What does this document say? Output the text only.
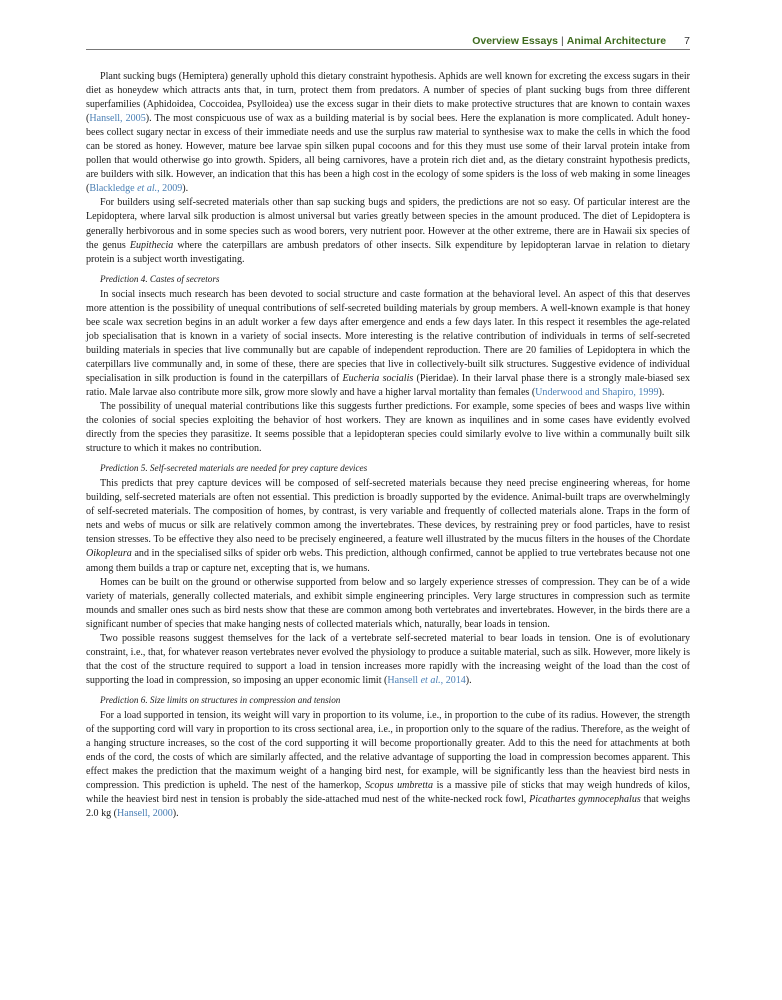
Overview Essays | Animal Architecture 7

Plant sucking bugs (Hemiptera) generally uphold this dietary constraint hypothesis. Aphids are well known for excreting the excess sugars in their diet as honeydew which attracts ants that, in turn, protect them from predators. A number of species of plant sucking bugs from three different superfamilies (Aphidoidea, Coccoidea, Psylloidea) use the excess sugar in their diets to make protective structures that are known to contain waxes (Hansell, 2005). The most conspicuous use of wax as a building material is by social bees. Here the explanation is more complicated. Adult honey-bees collect sugary nectar in excess of their immediate needs and use the surplus raw material to synthesise wax to make the cells in which the food can be stored as honey. However, mature bee larvae spin silken pupal cocoons and for this they must use some of their larval protein intake from pollen that would otherwise go into growth. Spiders, all being carnivores, have a protein rich diet and, as the dietary constraint hypothesis predicts, are builders with silk. However, an indication that this has been a high cost in the ecology of some spiders is the loss of web making in some lineages (Blackledge et al., 2009).

For builders using self-secreted materials other than sap sucking bugs and spiders, the predictions are not so easy. Of particular interest are the Lepidoptera, where larval silk production is almost universal but varies greatly between species in the amount produced. The diet of Lepidoptera is generally herbivorous and in some species such as wood borers, very nutrient poor. However at the other extreme, there are in Hawaii six species of the genus Eupithecia where the caterpillars are ambush predators of other insects. Silk expenditure by lepidopteran larvae in relation to dietary protein is a subject worth investigating.

Prediction 4. Castes of secretors

In social insects much research has been devoted to social structure and caste formation at the behavioral level. An aspect of this that deserves more attention is the possibility of unequal contributions of self-secreted building materials by group members. A well-known example is that honey bee scale wax secretion begins in an adult worker a few days after emergence and ends a few days later. In this respect it resembles the age-related job specialisation that is known in a variety of social insects. More interesting is the relative contribution of individuals in terms of self-secreted building materials in species that live communally but are capable of independent reproduction. There are 20 families of Lepidoptera in which the caterpillars live communally and, in some of these, there are species that live in collectively-built silk structures. Suggestive evidence of individual specialisation in silk production is found in the caterpillars of Eucheria socialis (Pieridae). In their larval phase there is a strongly male-biased sex ratio. Male larvae also contribute more silk, grow more slowly and have a higher larval mortality than females (Underwood and Shapiro, 1999).

The possibility of unequal material contributions like this suggests further predictions. For example, some species of bees and wasps live within the colonies of social species exploiting the behavior of host workers. They are known as inquilines and in some cases have evidently evolved directly from the species they parasitize. It seems possible that a lepidopteran species could similarly evolve to live within a communally built silk structure to which it makes no contribution.

Prediction 5. Self-secreted materials are needed for prey capture devices

This predicts that prey capture devices will be composed of self-secreted materials because they need precise engineering whereas, for home building, self-secreted materials are often not essential. This prediction is broadly supported by the evidence. Animal-built traps are overwhelmingly of self-secreted materials. The composition of homes, by contrast, is very variable and frequently of collected materials alone. Traps in the form of nets and webs of mucus or silk are relatively common among the invertebrates. These devices, by restraining prey or food particles, have to resist tension stresses. To be effective they also need to be precisely engineered, a feature well illustrated by the mucus filters in the houses of the Chordate Oikopleura and in the specialised silks of spider orb webs. This prediction, although confirmed, cannot be applied to true vertebrates because not one among them builds a trap or capture net, excepting that is, we humans.

Homes can be built on the ground or otherwise supported from below and so largely experience stresses of compression. They can be of a wide variety of materials, generally collected materials, and exhibit simple engineering principles. Very large structures in compression such as termite mounds and smaller ones such as bird nests show that these are common among both vertebrates and invertebrates. However, in the birds there are a significant number of species that make hanging nests of collected materials which, naturally, bear loads in tension.

Two possible reasons suggest themselves for the lack of a vertebrate self-secreted material to bear loads in tension. One is of evolutionary constraint, i.e., that, for whatever reason vertebrates never evolved the physiology to produce a suitable material, such as silk. However, more likely is that the cost of the structure required to support a load in tension increases more rapidly with the increasing weight of the load than the cost of supporting the load in compression, so imposing an upper economic limit (Hansell et al., 2014).

Prediction 6. Size limits on structures in compression and tension

For a load supported in tension, its weight will vary in proportion to its volume, i.e., in proportion to the cube of its radius. However, the strength of the supporting cord will vary in proportion to its cross sectional area, i.e., in proportion only to the square of the radius. Therefore, as the weight of a hanging structure increases, so the cost of the cord supporting it will become proportionally greater. Add to this the need for attachments at both ends of the cord, the costs of which are similarly affected, and the relative advantage of supporting the load in compression becomes apparent. This effect makes the prediction that the maximum weight of a hanging bird nest, for example, will be significantly less than the heaviest bird nests in compression. This prediction is upheld. The nest of the hamerkop, Scopus umbretta is a massive pile of sticks that may weigh hundreds of kilos, while the heaviest bird nest in tension is probably the side-attached mud nest of the white-necked rock fowl, Picathartes gymnocephalus that weighs 2.0 kg (Hansell, 2000).
